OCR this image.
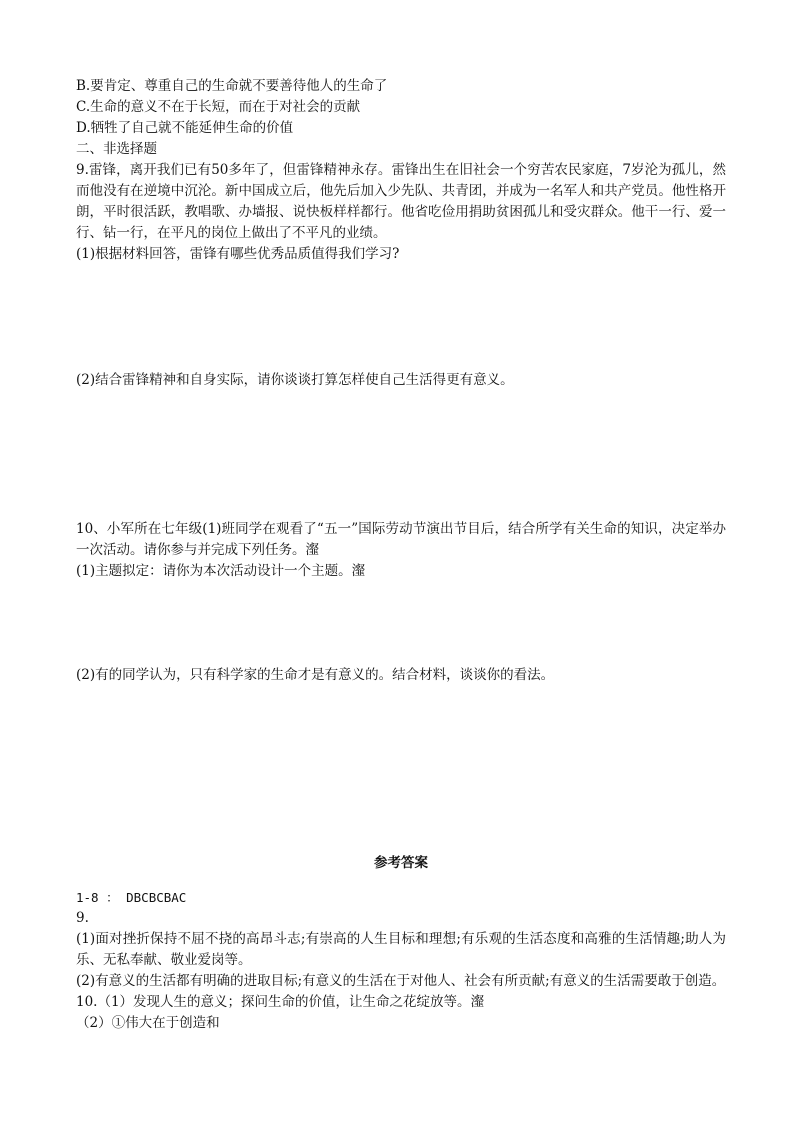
B.要肯定、尊重自己的生命就不要善待他人的生命了

C.生命的意义不在于长短，而在于对社会的贡献

D.牺牲了自己就不能延伸生命的价值

二、非选择题

9.雷锋，离开我们已有50多年了，但雷锋精神永存。雷锋出生在旧社会一个穷苦农民家庭，7岁沦为孤儿，然而他没有在逆境中沉沦。新中国成立后，他先后加入少先队、共青团，并成为一名军人和共产党员。他性格开朗，平时很活跃，教唱歌、办墙报、说快板样样都行。他省吃俭用捐助贫困孤儿和受灾群众。他干一行、爱一行、钻一行，在平凡的岗位上做出了不平凡的业绩。

(1)根据材料回答，雷锋有哪些优秀品质值得我们学习?

(2)结合雷锋精神和自身实际，请你谈谈打算怎样使自己生活得更有意义。

10、小军所在七年级(1)班同学在观看了“五一”国际劳动节演出节目后，结合所学有关生命的知识，决定举办一次活动。请你参与并完成下列任务。瀣

(1)主题拟定：请你为本次活动设计一个主题。瀣

(2)有的同学认为，只有科学家的生命才是有意义的。结合材料，谈谈你的看法。

参考答案

1-8 ： DBCBCBAC

9.

(1)面对挫折保持不屈不挠的高昂斗志;有崇高的人生目标和理想;有乐观的生活态度和高雅的生活情趣;助人为乐、无私奉献、敬业爱岗等。

(2)有意义的生活都有明确的进取目标;有意义的生活在于对他人、社会有所贡献;有意义的生活需要敢于创造。

10.（1）发现人生的意义；探问生命的价值，让生命之花绽放等。瀣

（2）①伟大在于创造和
